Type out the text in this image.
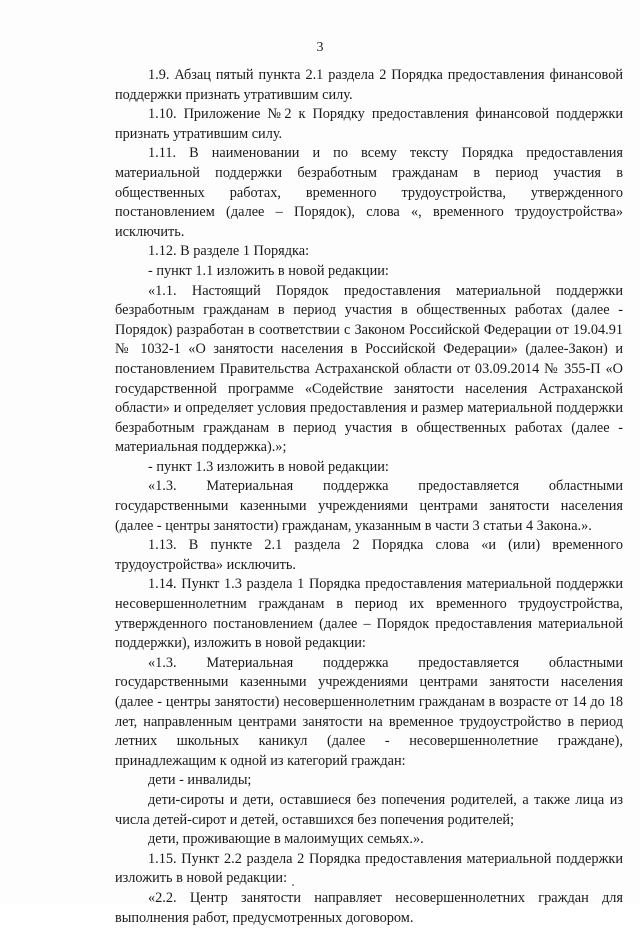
3

1.9. Абзац пятый пункта 2.1 раздела 2 Порядка предоставления финансовой поддержки признать утратившим силу.

1.10. Приложение №2 к Порядку предоставления финансовой поддержки признать утратившим силу.

1.11. В наименовании и по всему тексту Порядка предоставления материальной поддержки безработным гражданам в период участия в общественных работах, временного трудоустройства, утвержденного постановлением (далее – Порядок), слова «, временного трудоустройства» исключить.

1.12. В разделе 1 Порядка:

- пункт 1.1 изложить в новой редакции:

«1.1. Настоящий Порядок предоставления материальной поддержки безработным гражданам в период участия в общественных работах (далее - Порядок) разработан в соответствии с Законом Российской Федерации от 19.04.91 № 1032-1 «О занятости населения в Российской Федерации» (далее-Закон) и постановлением Правительства Астраханской области от 03.09.2014 № 355-П «О государственной программе «Содействие занятости населения Астраханской области» и определяет условия предоставления и размер материальной поддержки безработным гражданам в период участия в общественных работах (далее - материальная поддержка).»;

- пункт 1.3 изложить в новой редакции:

«1.3. Материальная поддержка предоставляется областными государственными казенными учреждениями центрами занятости населения (далее - центры занятости) гражданам, указанным в части 3 статьи 4 Закона.».

1.13. В пункте 2.1 раздела 2 Порядка слова «и (или) временного трудоустройства» исключить.

1.14. Пункт 1.3 раздела 1 Порядка предоставления материальной поддержки несовершеннолетним гражданам в период их временного трудоустройства, утвержденного постановлением (далее – Порядок предоставления материальной поддержки), изложить в новой редакции:

«1.3. Материальная поддержка предоставляется областными государственными казенными учреждениями центрами занятости населения (далее - центры занятости) несовершеннолетним гражданам в возрасте от 14 до 18 лет, направленным центрами занятости на временное трудоустройство в период летних школьных каникул (далее - несовершеннолетние граждане), принадлежащим к одной из категорий граждан:

дети - инвалиды;

дети-сироты и дети, оставшиеся без попечения родителей, а также лица из числа детей-сирот и детей, оставшихся без попечения родителей;

дети, проживающие в малоимущих семьях.».

1.15. Пункт 2.2 раздела 2 Порядка предоставления материальной поддержки изложить в новой редакции:

«2.2. Центр занятости направляет несовершеннолетних граждан для выполнения работ, предусмотренных договором.
